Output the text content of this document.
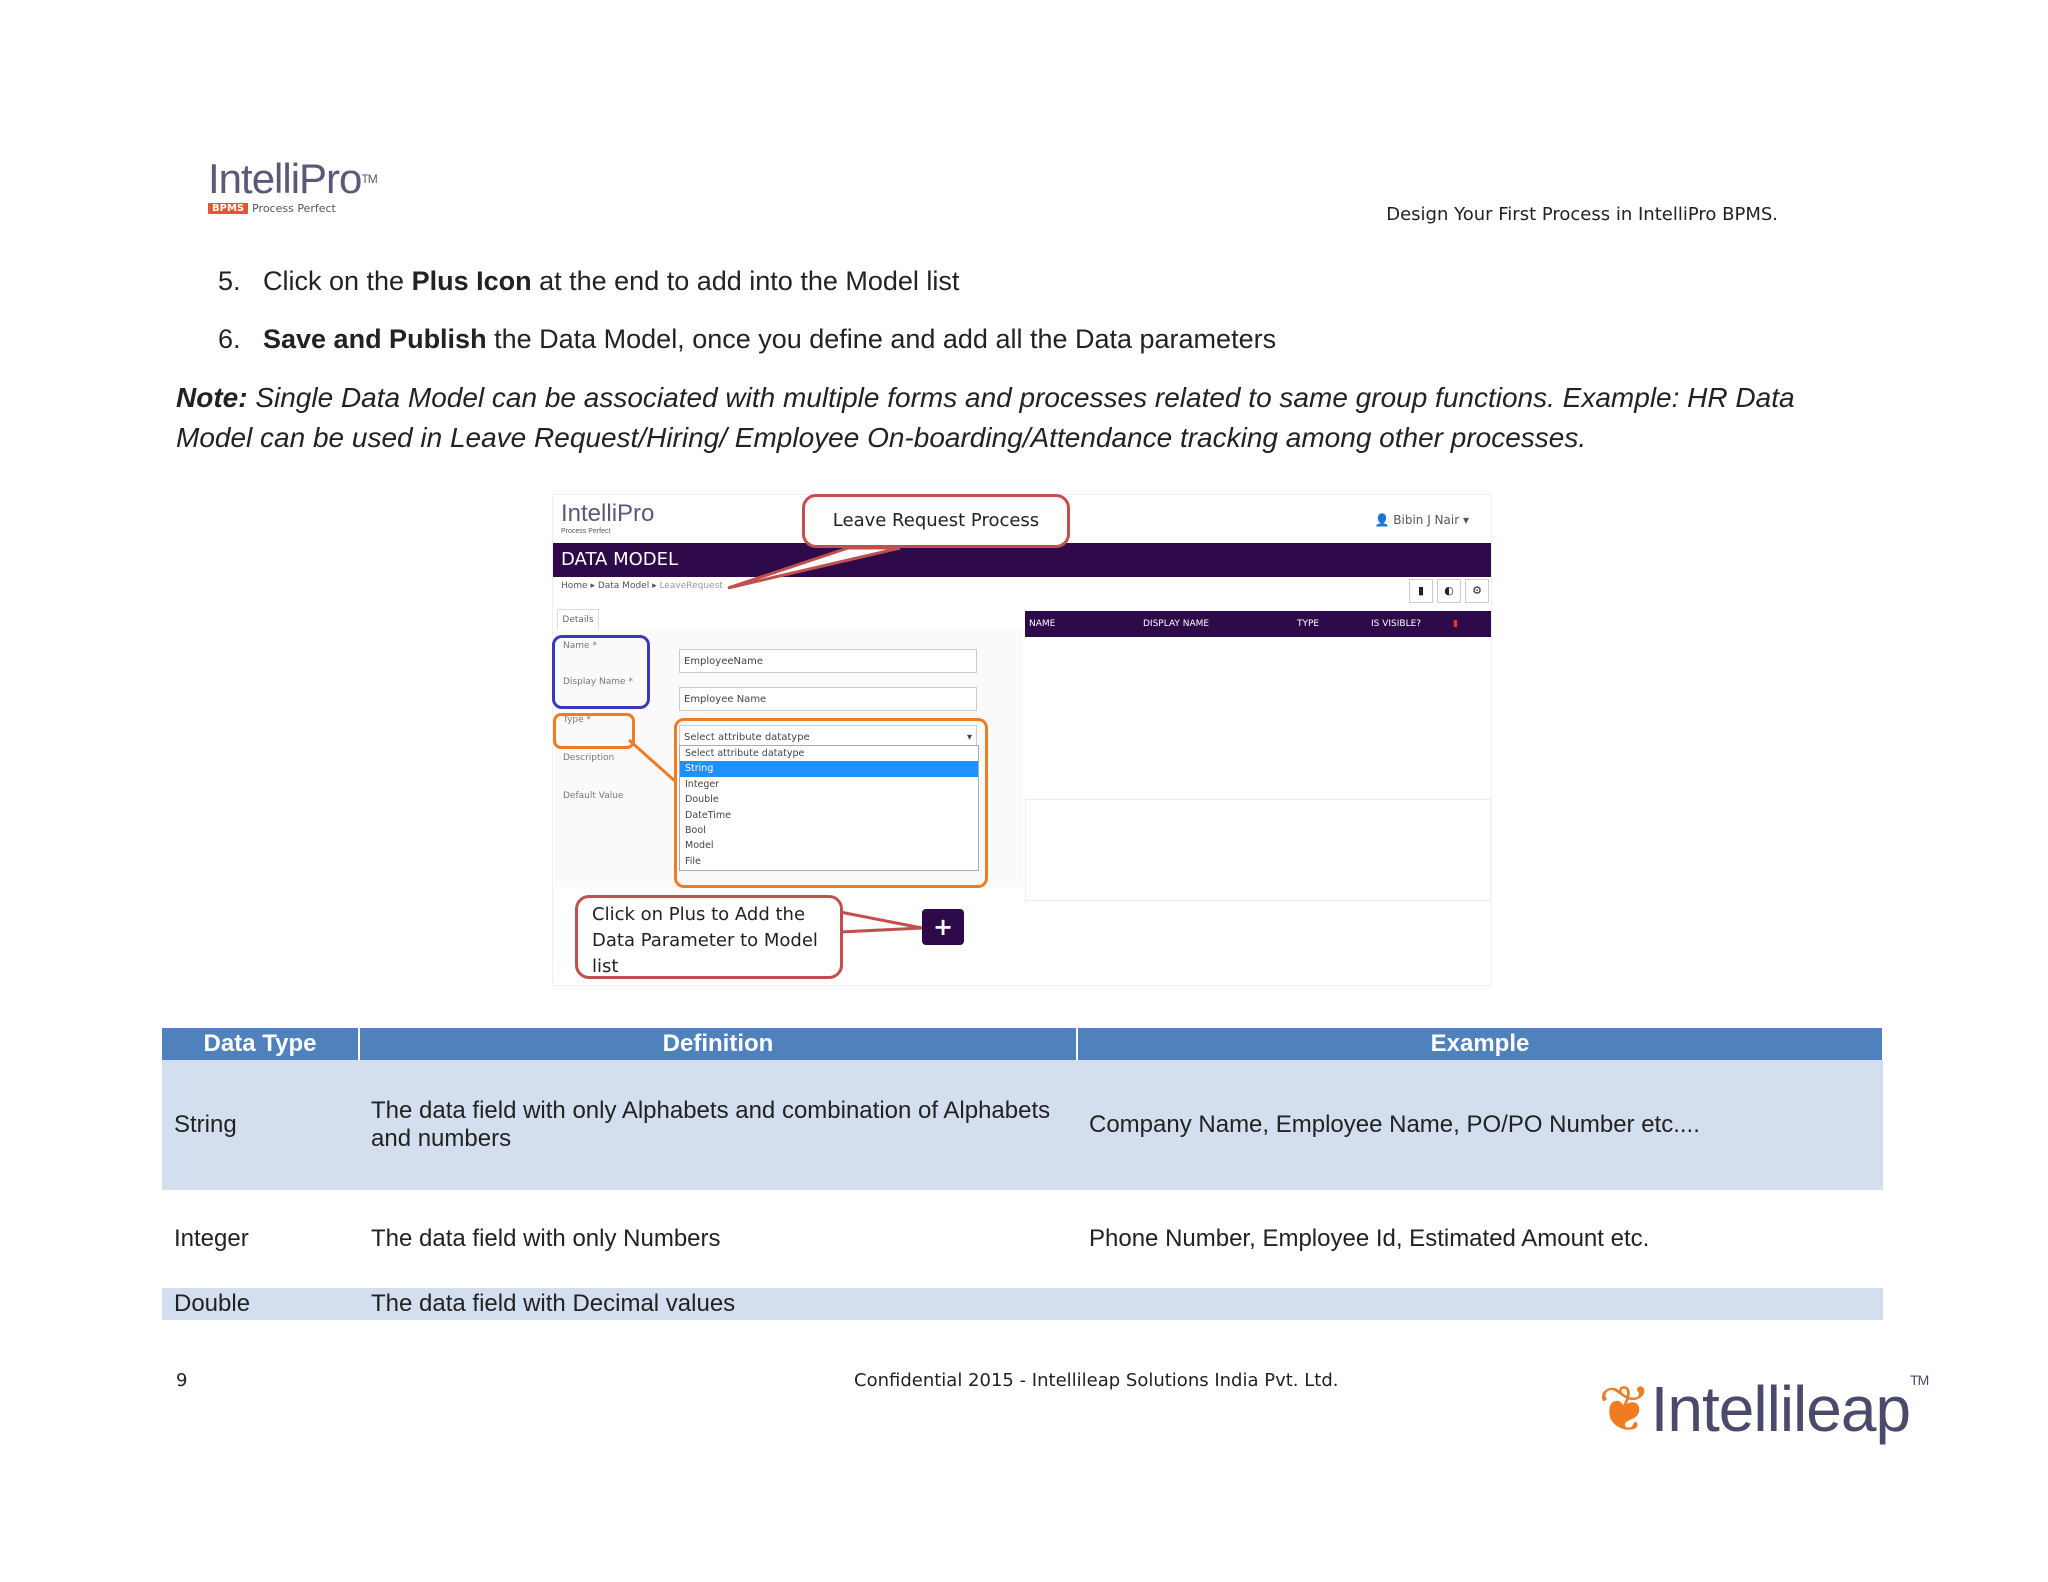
IntelliPro™
BPMS Process Perfect	Design Your First Process in IntelliPro BPMS.
5. Click on the Plus Icon at the end to add into the Model list
6. Save and Publish the Data Model, once you define and add all the Data parameters
Note: Single Data Model can be associated with multiple forms and processes related to same group functions. Example: HR Data Model can be used in Leave Request/Hiring/ Employee On-boarding/Attendance tracking among other processes.
IntelliPro
Process Perfect
👤 Bibin J Nair ▾
DATA MODEL
Home ▸ Data Model ▸ LeaveRequest	▮	◐	⚙
Details
Name *
Display Name *
Type *
Description
Default Value
EmployeeName
Employee Name
Select attribute datatype	▾
Select attribute datatype
String
Integer
Double
DateTime
Bool
Model
File
NAME	DISPLAY NAME	TYPE	IS VISIBLE?	▮
Leave Request Process
Click on Plus to Add the Data Parameter to Model list
+
Data Type	Definition	Example
String	The data field with only Alphabets and combination of Alphabets and numbers	Company Name, Employee Name, PO/PO Number etc....
Integer	The data field with only Numbers	Phone Number, Employee Id, Estimated Amount etc.
Double	The data field with Decimal values	
9	Confidential 2015 - Intellileap Solutions India Pvt. Ltd.	❦Intellileap™
